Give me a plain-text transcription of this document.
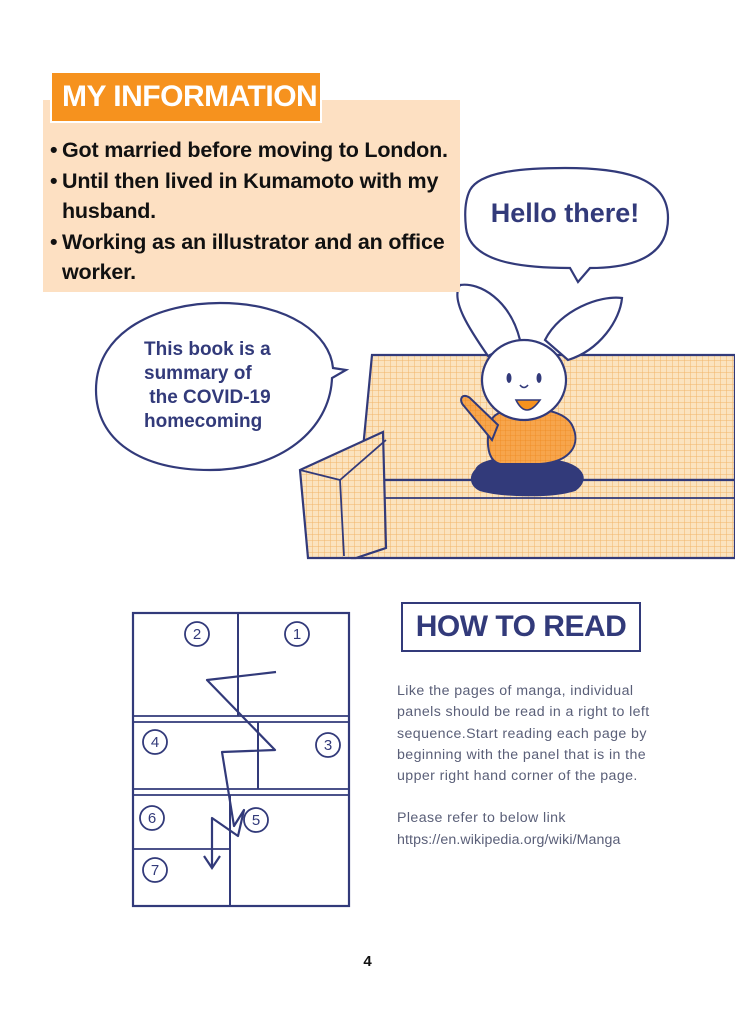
2	1
4	3
6	5
7
MY INFORMATION
• Got married before moving to London.
• Until then lived in Kumamoto with my husband.
• Working as an illustrator and an office worker.
Hello there!
This book is a
summary of
the COVID-19
homecoming
HOW TO READ
Like the pages of manga, individual panels should be read in a right to left sequence.Start reading each page by beginning with the panel that is in the upper right hand corner of the page.
Please refer to below link
https://en.wikipedia.org/wiki/Manga
4
